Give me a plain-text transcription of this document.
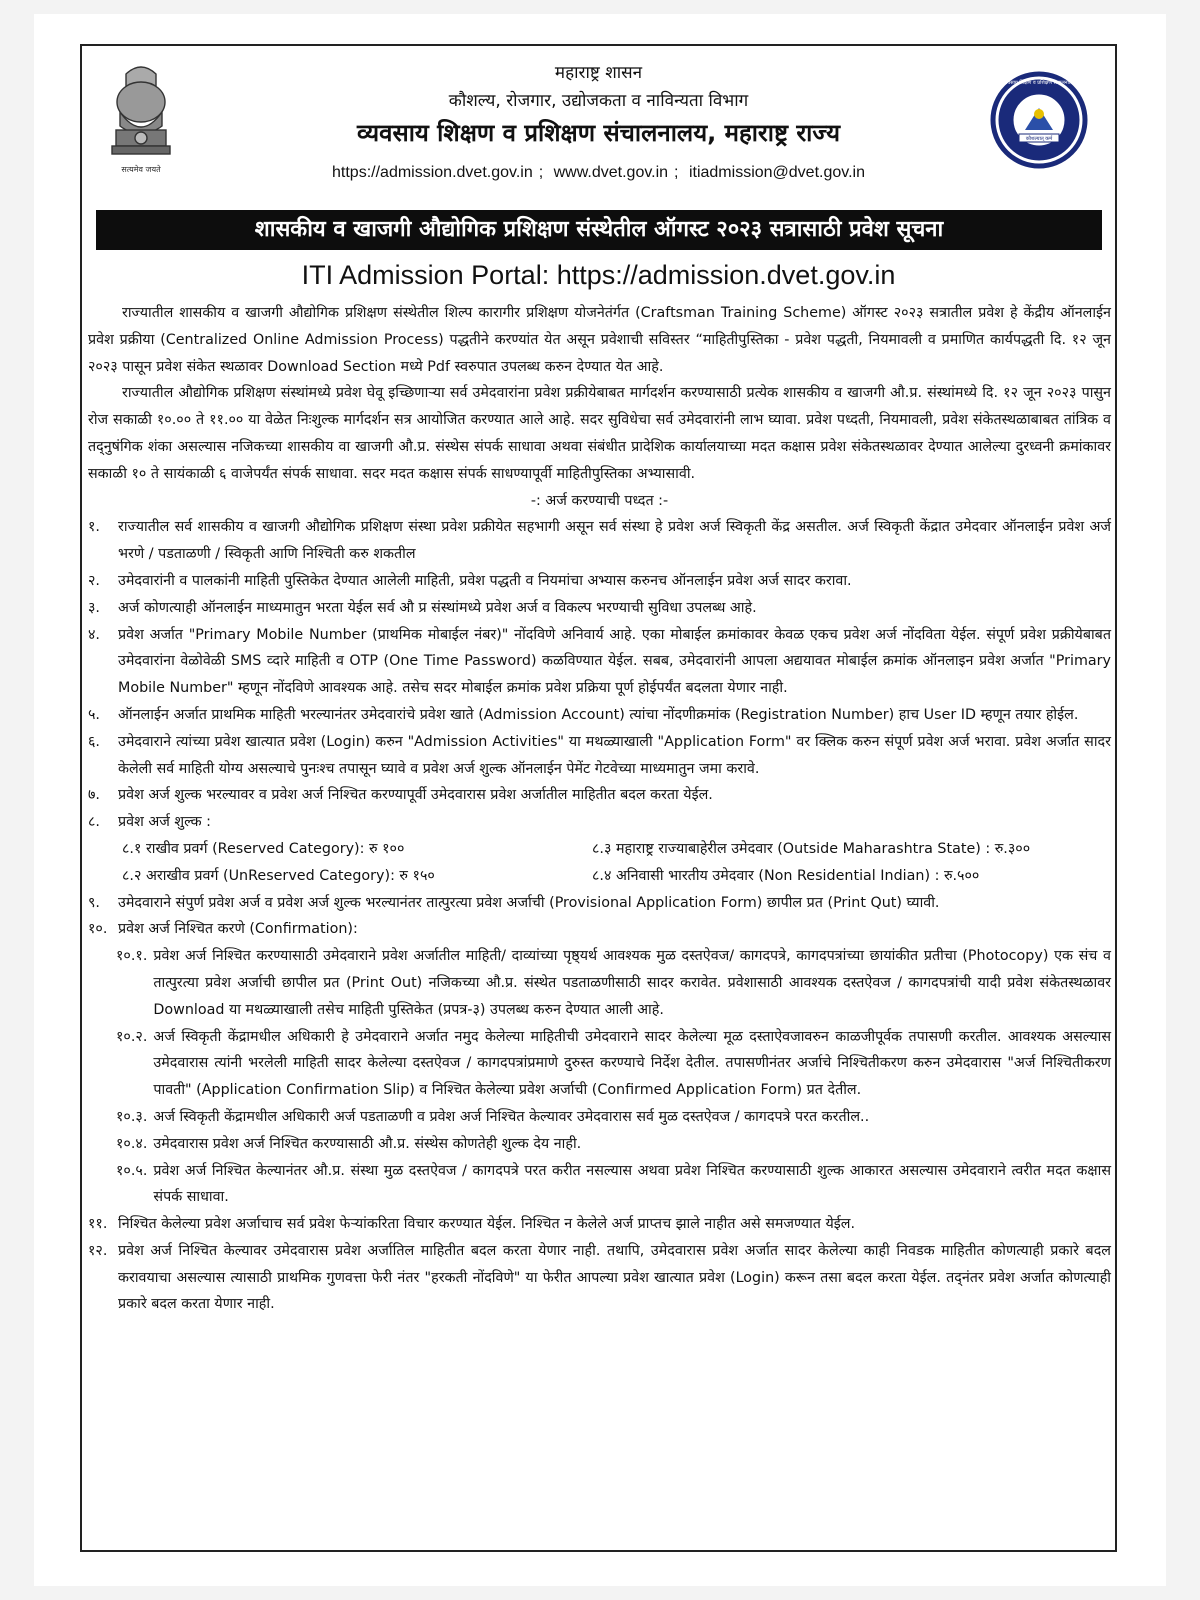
सत्यमेव जयते
महाराष्ट्र शासन
कौशल्य, रोजगार, उद्योजकता व नाविन्यता विभाग
व्यवसाय शिक्षण व प्रशिक्षण संचालनालय, महाराष्ट्र राज्य
https://admission.dvet.gov.in ; www.dvet.gov.in ; itiadmission@dvet.gov.in
कौशल्यात् कर्म
व्यवसाय शिक्षण व प्रशिक्षण संचालनालय
शासकीय व खाजगी औद्योगिक प्रशिक्षण संस्थेतील ऑगस्ट २०२३ सत्रासाठी प्रवेश सूचना
ITI Admission Portal: https://admission.dvet.gov.in

राज्यातील शासकीय व खाजगी औद्योगिक प्रशिक्षण संस्थेतील शिल्प कारागीर प्रशिक्षण योजनेतंर्गत (Craftsman Training Scheme) ऑगस्ट २०२३ सत्रातील प्रवेश हे केंद्रीय ऑनलाईन प्रवेश प्रक्रीया (Centralized Online Admission Process) पद्धतीने करण्यांत येत असून प्रवेशाची सविस्तर “माहितीपुस्तिका - प्रवेश पद्धती, नियमावली व प्रमाणित कार्यपद्धती दि. १२ जून २०२३ पासून प्रवेश संकेत स्थळावर Download Section मध्ये Pdf स्वरुपात उपलब्ध करुन देण्यात येत आहे.

राज्यातील औद्योगिक प्रशिक्षण संस्थांमध्ये प्रवेश घेवू इच्छिणाऱ्या सर्व उमेदवारांना प्रवेश प्रक्रीयेबाबत मार्गदर्शन करण्यासाठी प्रत्येक शासकीय व खाजगी औ.प्र. संस्थांमध्ये दि. १२ जून २०२३ पासुन रोज सकाळी १०.०० ते ११.०० या वेळेत निःशुल्क मार्गदर्शन सत्र आयोजित करण्यात आले आहे. सदर सुविधेचा सर्व उमेदवारांनी लाभ घ्यावा. प्रवेश पध्दती, नियमावली, प्रवेश संकेतस्थळाबाबत तांत्रिक व तद्नुषंगिक शंका असल्यास नजिकच्या शासकीय वा खाजगी औ.प्र. संस्थेस संपर्क साधावा अथवा संबंधीत प्रादेशिक कार्यालयाच्या मदत कक्षास प्रवेश संकेतस्थळावर देण्यात आलेल्या दुरध्वनी क्रमांकावर सकाळी १० ते सायंकाळी ६ वाजेपर्यंत संपर्क साधावा. सदर मदत कक्षास संपर्क साधण्यापूर्वी माहितीपुस्तिका अभ्यासावी.

-: अर्ज करण्याची पध्दत :-

१.	राज्यातील सर्व शासकीय व खाजगी औद्योगिक प्रशिक्षण संस्था प्रवेश प्रक्रीयेत सहभागी असून सर्व संस्था हे प्रवेश अर्ज स्विकृती केंद्र असतील. अर्ज स्विकृती केंद्रात उमेदवार ऑनलाईन प्रवेश अर्ज भरणे / पडताळणी / स्विकृती आणि निश्चिती करु शकतील
२.	उमेदवारांनी व पालकांनी माहिती पुस्तिकेत देण्यात आलेली माहिती, प्रवेश पद्धती व नियमांचा अभ्यास करुनच ऑनलाईन प्रवेश अर्ज सादर करावा.
३.	अर्ज कोणत्याही ऑनलाईन माध्यमातुन भरता येईल सर्व औ प्र संस्थांमध्ये प्रवेश अर्ज व विकल्प भरण्याची सुविधा उपलब्ध आहे.
४.	प्रवेश अर्जात "Primary Mobile Number (प्राथमिक मोबाईल नंबर)" नोंदविणे अनिवार्य आहे. एका मोबाईल क्रमांकावर केवळ एकच प्रवेश अर्ज नोंदविता येईल. संपूर्ण प्रवेश प्रक्रीयेबाबत उमेदवारांना वेळोवेळी SMS व्दारे माहिती व OTP (One Time Password) कळविण्यात येईल. सबब, उमेदवारांनी आपला अद्ययावत मोबाईल क्रमांक ऑनलाइन प्रवेश अर्जात "Primary Mobile Number" म्हणून नोंदविणे आवश्यक आहे. तसेच सदर मोबाईल क्रमांक प्रवेश प्रक्रिया पूर्ण होईपर्यंत बदलता येणार नाही.
५.	ऑनलाईन अर्जात प्राथमिक माहिती भरल्यानंतर उमेदवारांचे प्रवेश खाते (Admission Account) त्यांचा नोंदणीक्रमांक (Registration Number) हाच User ID म्हणून तयार होईल.
६.	उमेदवाराने त्यांच्या प्रवेश खात्यात प्रवेश (Login) करुन "Admission Activities" या मथळ्याखाली "Application Form" वर क्लिक करुन संपूर्ण प्रवेश अर्ज भरावा. प्रवेश अर्जात सादर केलेली सर्व माहिती योग्य असल्याचे पुनःश्च तपासून घ्यावे व प्रवेश अर्ज शुल्क ऑनलाईन पेमेंट गेटवेच्या माध्यमातुन जमा करावे.
७.	प्रवेश अर्ज शुल्क भरल्यावर व प्रवेश अर्ज निश्चित करण्यापूर्वी उमेदवारास प्रवेश अर्जातील माहितीत बदल करता येईल.
८.	प्रवेश अर्ज शुल्क :
८.१ राखीव प्रवर्ग (Reserved Category): रु १००	८.३ महाराष्ट्र राज्याबाहेरील उमेदवार (Outside Maharashtra State) : रु.३००
८.२ अराखीव प्रवर्ग (UnReserved Category): रु १५०	८.४ अनिवासी भारतीय उमेदवार (Non Residential Indian) : रु.५००
९.	उमेदवाराने संपुर्ण प्रवेश अर्ज व प्रवेश अर्ज शुल्क भरल्यानंतर तात्पुरत्या प्रवेश अर्जाची (Provisional Application Form) छापील प्रत (Print Qut) घ्यावी.
१०. प्रवेश अर्ज निश्चित करणे (Confirmation):
१०.१. प्रवेश अर्ज निश्चित करण्यासाठी उमेदवाराने प्रवेश अर्जातील माहिती/ दाव्यांच्या पृष्ठ्यर्थ आवश्यक मुळ दस्तऐवज/ कागदपत्रे, कागदपत्रांच्या छायांकीत प्रतीचा (Photocopy) एक संच व तात्पुरत्या प्रवेश अर्जाची छापील प्रत (Print Out) नजिकच्या औ.प्र. संस्थेत पडताळणीसाठी सादर करावेत. प्रवेशासाठी आवश्यक दस्तऐवज / कागदपत्रांची यादी प्रवेश संकेतस्थळावर Download या मथळ्याखाली तसेच माहिती पुस्तिकेत (प्रपत्र-३) उपलब्ध करुन देण्यात आली आहे.
१०.२. अर्ज स्विकृती केंद्रामधील अधिकारी हे उमेदवाराने अर्जात नमुद केलेल्या माहितीची उमेदवाराने सादर केलेल्या मूळ दस्ताऐवजावरुन काळजीपूर्वक तपासणी करतील. आवश्यक असल्यास उमेदवारास त्यांनी भरलेली माहिती सादर केलेल्या दस्तऐवज / कागदपत्रांप्रमाणे दुरुस्त करण्याचे निर्देश देतील. तपासणीनंतर अर्जाचे निश्चितीकरण करुन उमेदवारास "अर्ज निश्चितीकरण पावती" (Application Confirmation Slip) व निश्चित केलेल्या प्रवेश अर्जाची (Confirmed Application Form) प्रत देतील.
१०.३. अर्ज स्विकृती केंद्रामधील अधिकारी अर्ज पडताळणी व प्रवेश अर्ज निश्चित केल्यावर उमेदवारास सर्व मुळ दस्तऐवज / कागदपत्रे परत करतील..
१०.४. उमेदवारास प्रवेश अर्ज निश्चित करण्यासाठी औ.प्र. संस्थेस कोणतेही शुल्क देय नाही.
१०.५. प्रवेश अर्ज निश्चित केल्यानंतर औ.प्र. संस्था मुळ दस्तऐवज / कागदपत्रे परत करीत नसल्यास अथवा प्रवेश निश्चित करण्यासाठी शुल्क आकारत असल्यास उमेदवाराने त्वरीत मदत कक्षास संपर्क साधावा.
११. निश्चित केलेल्या प्रवेश अर्जाचाच सर्व प्रवेश फेऱ्यांकरिता विचार करण्यात येईल. निश्चित न केलेले अर्ज प्राप्तच झाले नाहीत असे समजण्यात येईल.
१२. प्रवेश अर्ज निश्चित केल्यावर उमेदवारास प्रवेश अर्जातिल माहितीत बदल करता येणार नाही. तथापि, उमेदवारास प्रवेश अर्जात सादर केलेल्या काही निवडक माहितीत कोणत्याही प्रकारे बदल करावयाचा असल्यास त्यासाठी प्राथमिक गुणवत्ता फेरी नंतर "हरकती नोंदविणे" या फेरीत आपल्या प्रवेश खात्यात प्रवेश (Login) करून तसा बदल करता येईल. तद्नंतर प्रवेश अर्जात कोणत्याही प्रकारे बदल करता येणार नाही.
